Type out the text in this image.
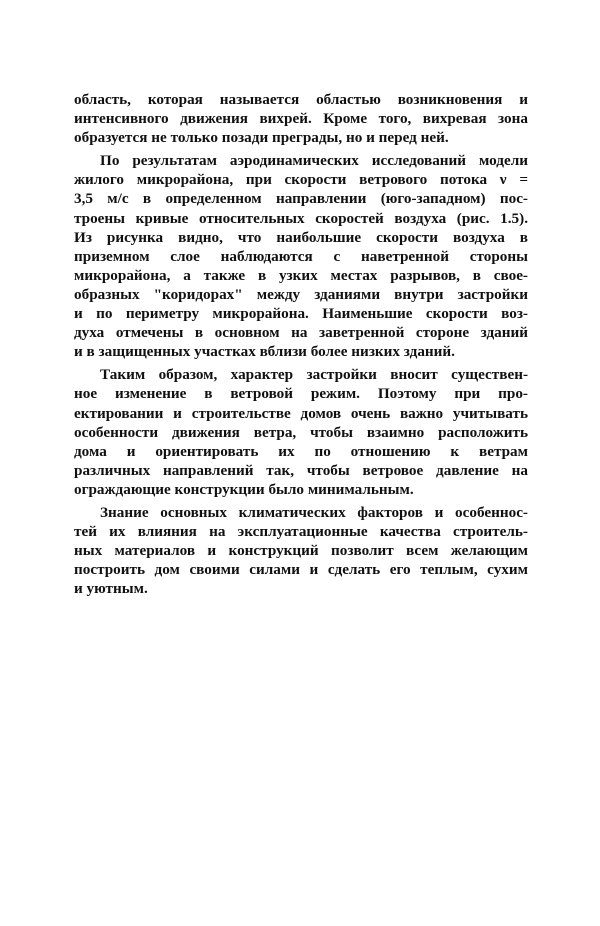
область, которая называется областью возникновения и
интенсивного движения вихрей. Кроме того, вихревая зона
образуется не только позади преграды, но и перед ней.
По результатам аэродинамических исследований модели
жилого микрорайона, при скорости ветрового потока ν =
3,5 м/с в определенном направлении (юго-западном) пос-
троены кривые относительных скоростей воздуха (рис. 1.5).
Из рисунка видно, что наибольшие скорости воздуха в
приземном слое наблюдаются с наветренной стороны
микрорайона, а также в узких местах разрывов, в свое-
образных "коридорах" между зданиями внутри застройки
и по периметру микрорайона. Наименьшие скорости воз-
духа отмечены в основном на заветренной стороне зданий
и в защищенных участках вблизи более низких зданий.
Таким образом, характер застройки вносит существен-
ное изменение в ветровой режим. Поэтому при про-
ектировании и строительстве домов очень важно учитывать
особенности движения ветра, чтобы взаимно расположить
дома и ориентировать их по отношению к ветрам
различных направлений так, чтобы ветровое давление на
ограждающие конструкции было минимальным.
Знание основных климатических факторов и особеннос-
тей их влияния на эксплуатационные качества строитель-
ных материалов и конструкций позволит всем желающим
построить дом своими силами и сделать его теплым, сухим
и уютным.
